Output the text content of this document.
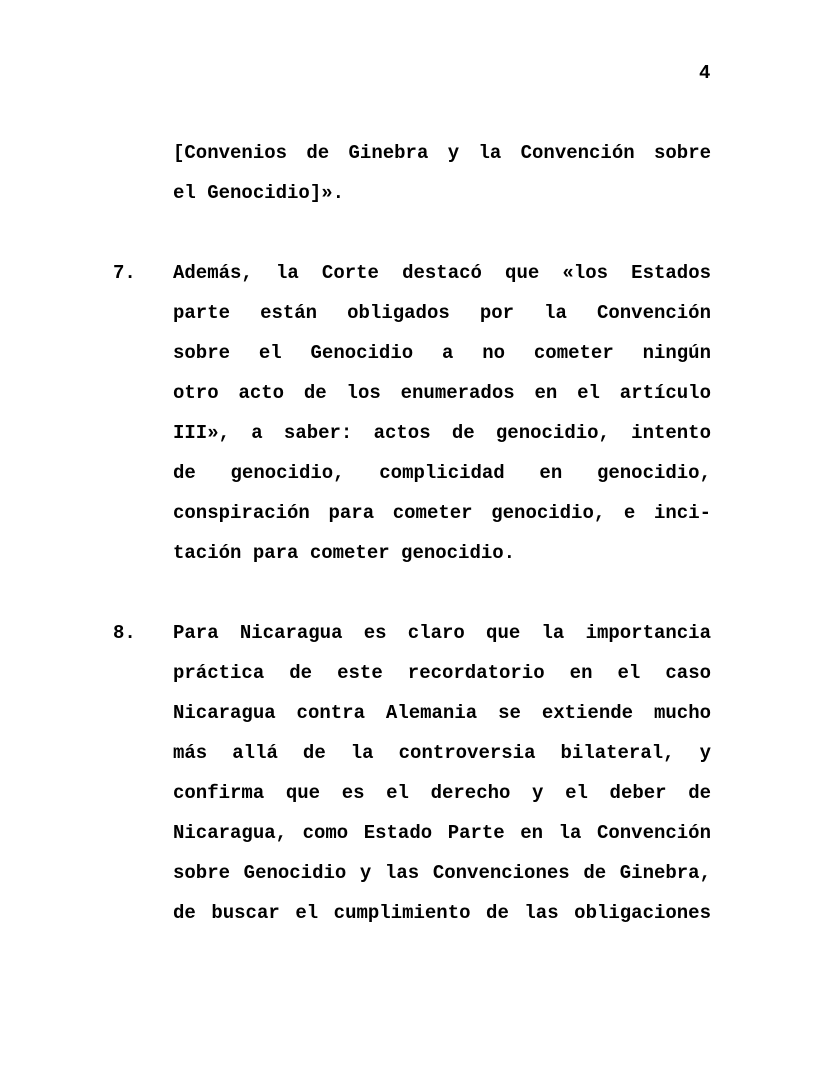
4
[Convenios de Ginebra y la Convención sobre
el Genocidio]».
7.	Además, la Corte destacó que «los Estados
parte están obligados por la Convención
sobre el Genocidio a no cometer ningún
otro acto de los enumerados en el artículo
III», a saber: actos de genocidio, intento
de genocidio, complicidad en genocidio,
conspiración para cometer genocidio, e inci-
tación para cometer genocidio.
8.	Para Nicaragua es claro que la importancia
práctica de este recordatorio en el caso
Nicaragua contra Alemania se extiende mucho
más allá de la controversia bilateral, y
confirma que es el derecho y el deber de
Nicaragua, como Estado Parte en la Convención
sobre Genocidio y las Convenciones de Ginebra,
de buscar el cumplimiento de las obligaciones
